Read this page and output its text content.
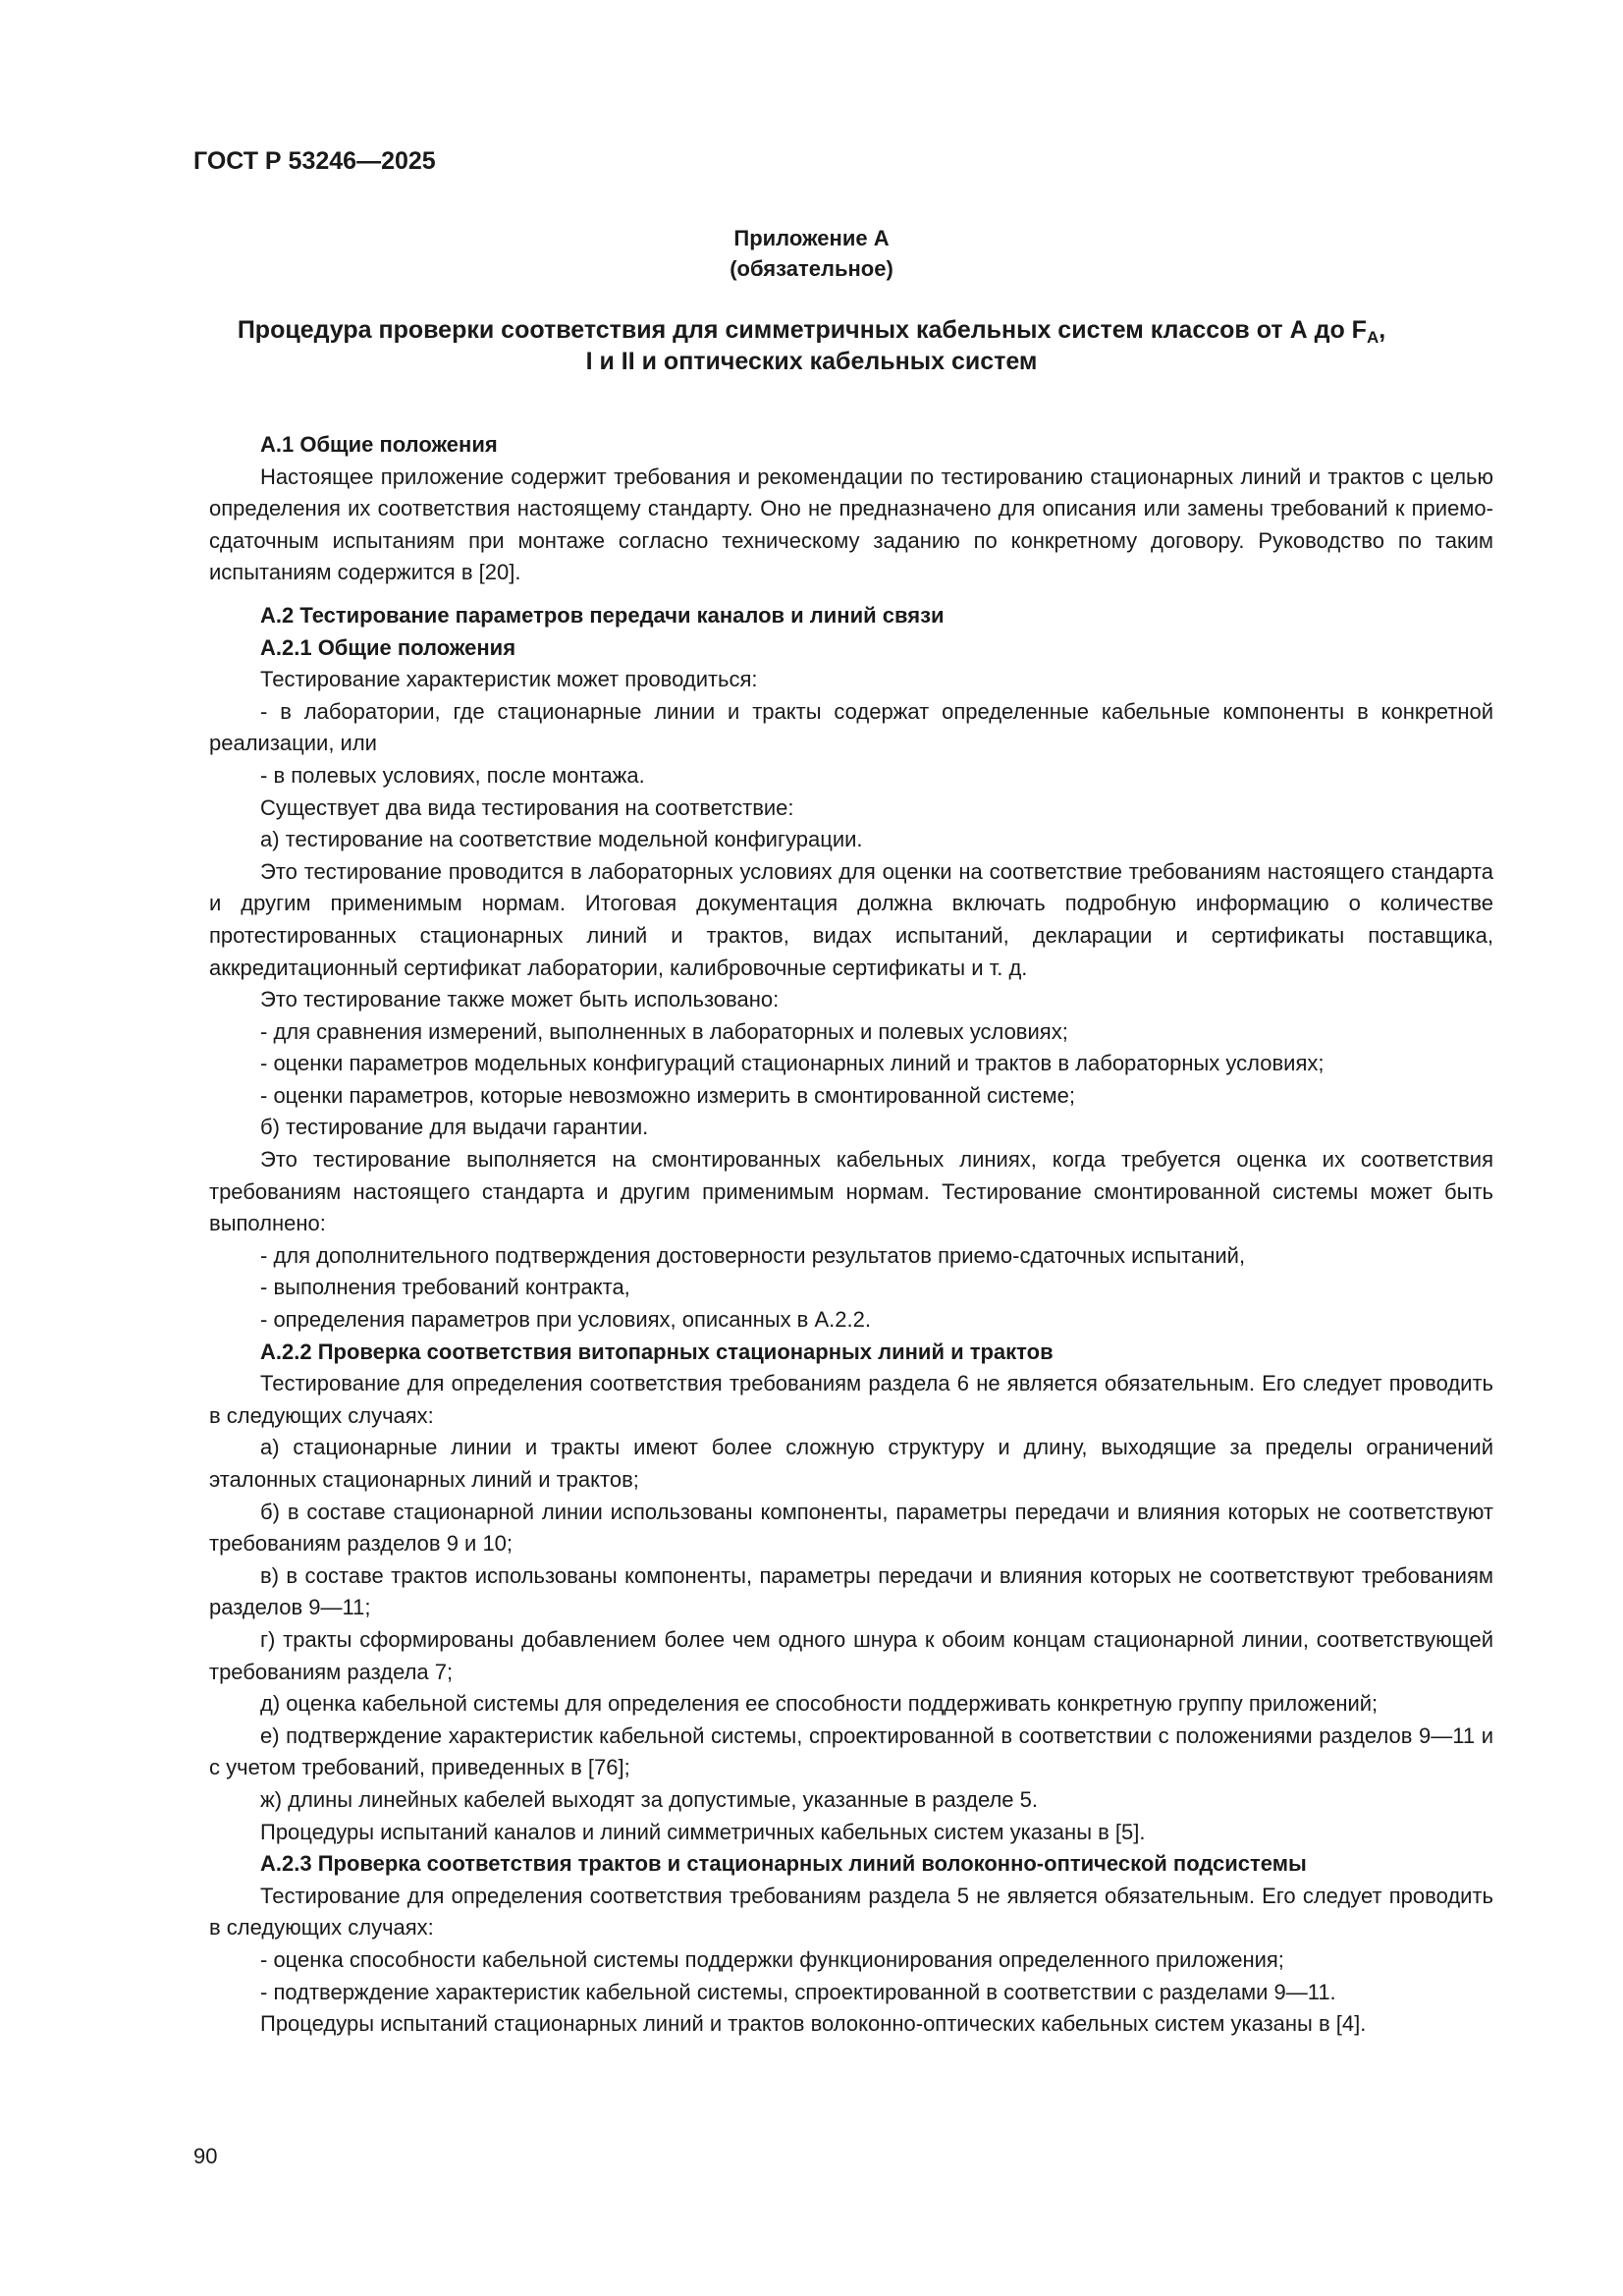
ГОСТ Р 53246—2025
Приложение А
(обязательное)
Процедура проверки соответствия для симметричных кабельных систем классов от А до $F_A$,
I и II и оптических кабельных систем

А.1 Общие положения

Настоящее приложение содержит требования и рекомендации по тестированию стационарных линий и трактов с целью определения их соответствия настоящему стандарту. Оно не предназначено для описания или замены требований к приемо-сдаточным испытаниям при монтаже согласно техническому заданию по конкретному договору. Руководство по таким испытаниям содержится в [20].

А.2 Тестирование параметров передачи каналов и линий связи

А.2.1 Общие положения

Тестирование характеристик может проводиться:

- в лаборатории, где стационарные линии и тракты содержат определенные кабельные компоненты в конкретной реализации, или

- в полевых условиях, после монтажа.

Существует два вида тестирования на соответствие:

а) тестирование на соответствие модельной конфигурации.

Это тестирование проводится в лабораторных условиях для оценки на соответствие требованиям настоящего стандарта и другим применимым нормам. Итоговая документация должна включать подробную информацию о количестве протестированных стационарных линий и трактов, видах испытаний, декларации и сертификаты поставщика, аккредитационный сертификат лаборатории, калибровочные сертификаты и т. д.

Это тестирование также может быть использовано:

- для сравнения измерений, выполненных в лабораторных и полевых условиях;

- оценки параметров модельных конфигураций стационарных линий и трактов в лабораторных условиях;

- оценки параметров, которые невозможно измерить в смонтированной системе;

б) тестирование для выдачи гарантии.

Это тестирование выполняется на смонтированных кабельных линиях, когда требуется оценка их соответствия требованиям настоящего стандарта и другим применимым нормам. Тестирование смонтированной системы может быть выполнено:

- для дополнительного подтверждения достоверности результатов приемо-сдаточных испытаний,

- выполнения требований контракта,

- определения параметров при условиях, описанных в А.2.2.

А.2.2 Проверка соответствия витопарных стационарных линий и трактов

Тестирование для определения соответствия требованиям раздела 6 не является обязательным. Его следует проводить в следующих случаях:

а) стационарные линии и тракты имеют более сложную структуру и длину, выходящие за пределы ограничений эталонных стационарных линий и трактов;

б) в составе стационарной линии использованы компоненты, параметры передачи и влияния которых не соответствуют требованиям разделов 9 и 10;

в) в составе трактов использованы компоненты, параметры передачи и влияния которых не соответствуют требованиям разделов 9—11;

г) тракты сформированы добавлением более чем одного шнура к обоим концам стационарной линии, соответствующей требованиям раздела 7;

д) оценка кабельной системы для определения ее способности поддерживать конкретную группу приложений;

е) подтверждение характеристик кабельной системы, спроектированной в соответствии с положениями разделов 9—11 и с учетом требований, приведенных в [76];

ж) длины линейных кабелей выходят за допустимые, указанные в разделе 5.

Процедуры испытаний каналов и линий симметричных кабельных систем указаны в [5].

А.2.3 Проверка соответствия трактов и стационарных линий волоконно-оптической подсистемы

Тестирование для определения соответствия требованиям раздела 5 не является обязательным. Его следует проводить в следующих случаях:

- оценка способности кабельной системы поддержки функционирования определенного приложения;

- подтверждение характеристик кабельной системы, спроектированной в соответствии с разделами 9—11.

Процедуры испытаний стационарных линий и трактов волоконно-оптических кабельных систем указаны в [4].

90
